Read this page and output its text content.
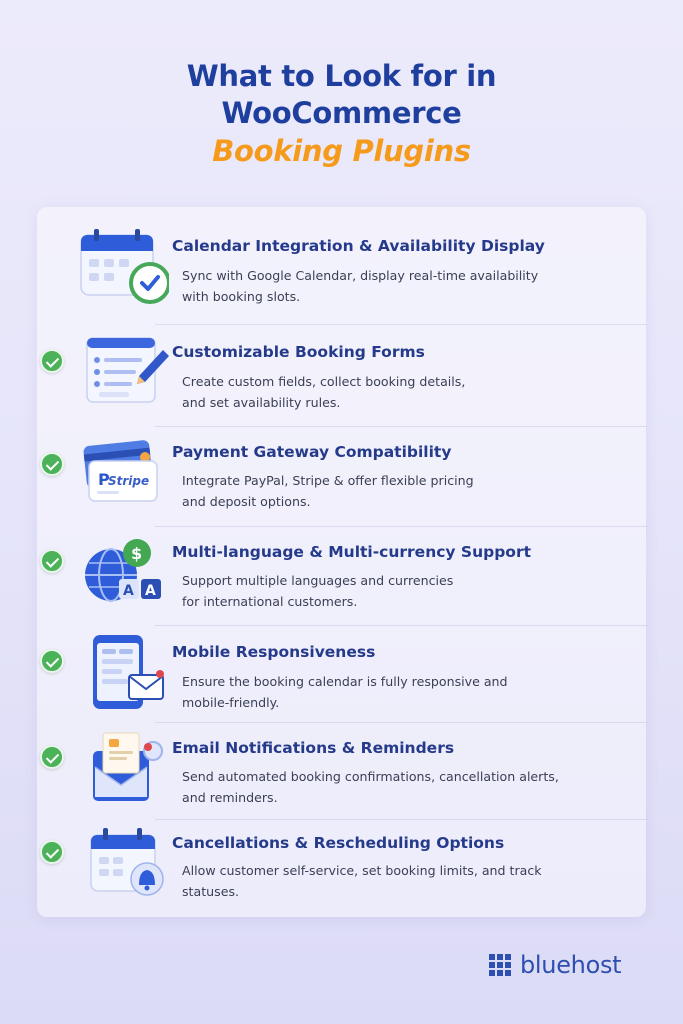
What to Look for in
WooCommerce
Booking Plugins
Calendar Integration & Availability Display
Sync with Google Calendar, display real-time availability
with booking slots.
Customizable Booking Forms
Create custom fields, collect booking details,
and set availability rules.
P
Stripe
Payment Gateway Compatibility
Integrate PayPal, Stripe & offer flexible pricing
and deposit options.
$
A A
Multi-language & Multi-currency Support
Support multiple languages and currencies
for international customers.
Mobile Responsiveness
Ensure the booking calendar is fully responsive and
mobile-friendly.
Email Notifications & Reminders
Send automated booking confirmations, cancellation alerts,
and reminders.
Cancellations & Rescheduling Options
Allow customer self-service, set booking limits, and track
statuses.
bluehost
